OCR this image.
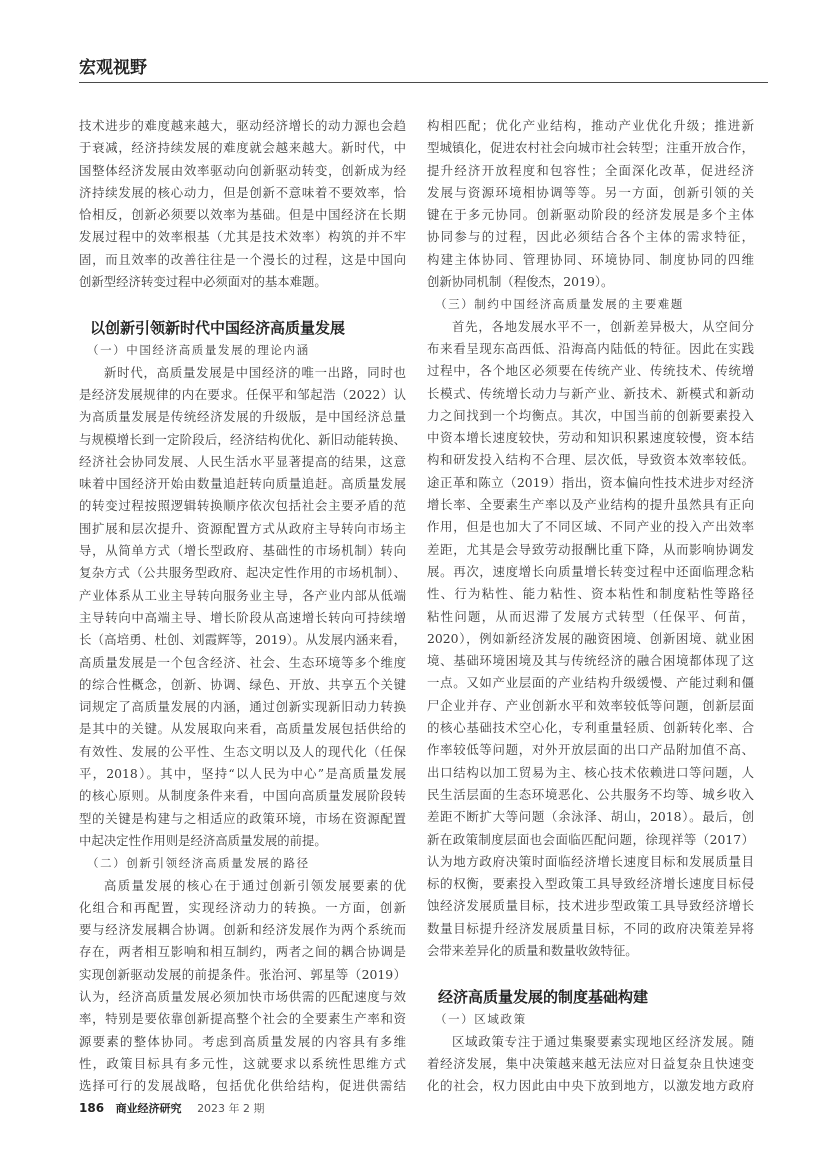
宏观视野
技术进步的难度越来越大，驱动经济增长的动力源也会趋
于衰减，经济持续发展的难度就会越来越大。新时代，中
国整体经济发展由效率驱动向创新驱动转变，创新成为经
济持续发展的核心动力，但是创新不意味着不要效率，恰
恰相反，创新必须要以效率为基础。但是中国经济在长期
发展过程中的效率根基（尤其是技术效率）构筑的并不牢
固，而且效率的改善往往是一个漫长的过程，这是中国向
创新型经济转变过程中必须面对的基本难题。
以创新引领新时代中国经济高质量发展
（一）中国经济高质量发展的理论内涵
新时代，高质量发展是中国经济的唯一出路，同时也
是经济发展规律的内在要求。任保平和邹起浩（2022）认
为高质量发展是传统经济发展的升级版，是中国经济总量
与规模增长到一定阶段后，经济结构优化、新旧动能转换、
经济社会协同发展、人民生活水平显著提高的结果，这意
味着中国经济开始由数量追赶转向质量追赶。高质量发展
的转变过程按照逻辑转换顺序依次包括社会主要矛盾的范
围扩展和层次提升、资源配置方式从政府主导转向市场主
导，从简单方式（增长型政府、基础性的市场机制）转向
复杂方式（公共服务型政府、起决定性作用的市场机制）、
产业体系从工业主导转向服务业主导，各产业内部从低端
主导转向中高端主导、增长阶段从高速增长转向可持续增
长（高培勇、杜创、刘霞辉等，2019）。从发展内涵来看，
高质量发展是一个包含经济、社会、生态环境等多个维度
的综合性概念，创新、协调、绿色、开放、共享五个关键
词规定了高质量发展的内涵，通过创新实现新旧动力转换
是其中的关键。从发展取向来看，高质量发展包括供给的
有效性、发展的公平性、生态文明以及人的现代化（任保
平，2018）。其中，坚持“以人民为中心”是高质量发展
的核心原则。从制度条件来看，中国向高质量发展阶段转
型的关键是构建与之相适应的政策环境，市场在资源配置
中起决定性作用则是经济高质量发展的前提。
（二）创新引领经济高质量发展的路径
高质量发展的核心在于通过创新引领发展要素的优
化组合和再配置，实现经济动力的转换。一方面，创新
要与经济发展耦合协调。创新和经济发展作为两个系统而
存在，两者相互影响和相互制约，两者之间的耦合协调是
实现创新驱动发展的前提条件。张治河、郭星等（2019）
认为，经济高质量发展必须加快市场供需的匹配速度与效
率，特别是要依靠创新提高整个社会的全要素生产率和资
源要素的整体协同。考虑到高质量发展的内容具有多维
性，政策目标具有多元性，这就要求以系统性思维方式
选择可行的发展战略，包括优化供给结构，促进供需结
构相匹配；优化产业结构，推动产业优化升级；推进新
型城镇化，促进农村社会向城市社会转型；注重开放合作，
提升经济开放程度和包容性；全面深化改革，促进经济
发展与资源环境相协调等等。另一方面，创新引领的关
键在于多元协同。创新驱动阶段的经济发展是多个主体
协同参与的过程，因此必须结合各个主体的需求特征，
构建主体协同、管理协同、环境协同、制度协同的四维
创新协同机制（程俊杰，2019）。
（三）制约中国经济高质量发展的主要难题
首先，各地发展水平不一，创新差异极大，从空间分
布来看呈现东高西低、沿海高内陆低的特征。因此在实践
过程中，各个地区必须要在传统产业、传统技术、传统增
长模式、传统增长动力与新产业、新技术、新模式和新动
力之间找到一个均衡点。其次，中国当前的创新要素投入
中资本增长速度较快，劳动和知识积累速度较慢，资本结
构和研发投入结构不合理、层次低，导致资本效率较低。
途正革和陈立（2019）指出，资本偏向性技术进步对经济
增长率、全要素生产率以及产业结构的提升虽然具有正向
作用，但是也加大了不同区域、不同产业的投入产出效率
差距，尤其是会导致劳动报酬比重下降，从而影响协调发
展。再次，速度增长向质量增长转变过程中还面临理念粘
性、行为粘性、能力粘性、资本粘性和制度粘性等路径
粘性问题，从而迟滞了发展方式转型（任保平、何苗，
2020），例如新经济发展的融资困境、创新困境、就业困
境、基础环境困境及其与传统经济的融合困境都体现了这
一点。又如产业层面的产业结构升级缓慢、产能过剩和僵
尸企业并存、产业创新水平和效率较低等问题，创新层面
的核心基础技术空心化，专利重量轻质、创新转化率、合
作率较低等问题，对外开放层面的出口产品附加值不高、
出口结构以加工贸易为主、核心技术依赖进口等问题，人
民生活层面的生态环境恶化、公共服务不均等、城乡收入
差距不断扩大等问题（余泳泽、胡山，2018）。最后，创
新在政策制度层面也会面临匹配问题，徐现祥等（2017）
认为地方政府决策时面临经济增长速度目标和发展质量目
标的权衡，要素投入型政策工具导致经济增长速度目标侵
蚀经济发展质量目标，技术进步型政策工具导致经济增长
数量目标提升经济发展质量目标，不同的政府决策差异将
会带来差异化的质量和数量收敛特征。
经济高质量发展的制度基础构建
（一）区域政策
区域政策专注于通过集聚要素实现地区经济发展。随
着经济发展，集中决策越来越无法应对日益复杂且快速变
化的社会，权力因此由中央下放到地方，以激发地方政府
186 商业经济研究 2023 年 2 期
